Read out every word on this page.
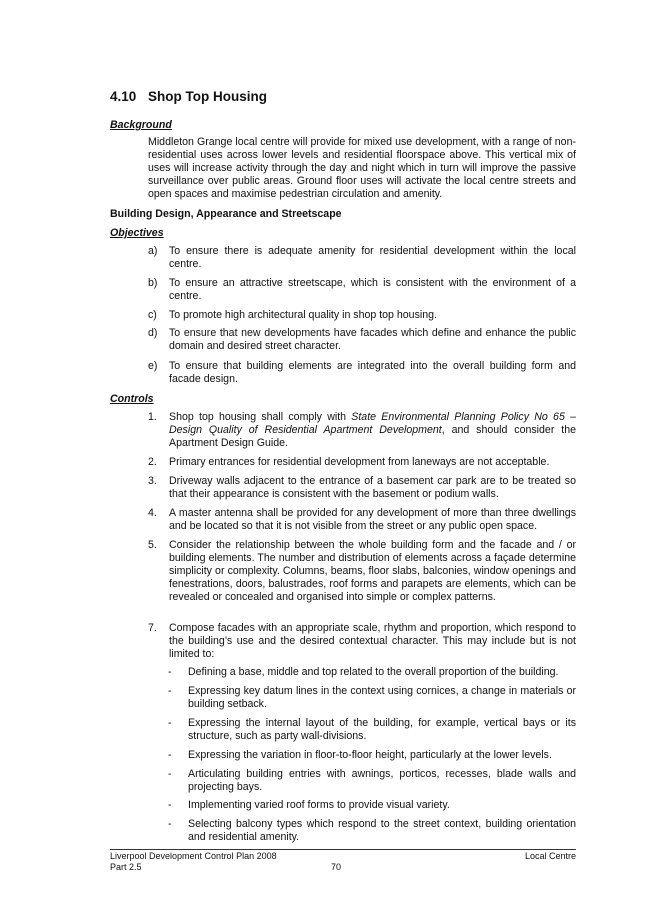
4.10 Shop Top Housing
Background
Middleton Grange local centre will provide for mixed use development, with a range of non-residential uses across lower levels and residential floorspace above. This vertical mix of uses will increase activity through the day and night which in turn will improve the passive surveillance over public areas. Ground floor uses will activate the local centre streets and open spaces and maximise pedestrian circulation and amenity.
Building Design, Appearance and Streetscape
Objectives
a)	To ensure there is adequate amenity for residential development within the local centre.
b)	To ensure an attractive streetscape, which is consistent with the environment of a centre.
c)	To promote high architectural quality in shop top housing.
d)	To ensure that new developments have facades which define and enhance the public domain and desired street character.
e)	To ensure that building elements are integrated into the overall building form and facade design.
Controls
1.	Shop top housing shall comply with State Environmental Planning Policy No 65 – Design Quality of Residential Apartment Development, and should consider the Apartment Design Guide.
2.	Primary entrances for residential development from laneways are not acceptable.
3.	Driveway walls adjacent to the entrance of a basement car park are to be treated so that their appearance is consistent with the basement or podium walls.
4.	A master antenna shall be provided for any development of more than three dwellings and be located so that it is not visible from the street or any public open space.
5.	Consider the relationship between the whole building form and the facade and / or building elements. The number and distribution of elements across a façade determine simplicity or complexity. Columns, beams, floor slabs, balconies, window openings and fenestrations, doors, balustrades, roof forms and parapets are elements, which can be revealed or concealed and organised into simple or complex patterns.
7.	Compose facades with an appropriate scale, rhythm and proportion, which respond to the building’s use and the desired contextual character. This may include but is not limited to:
-	Defining a base, middle and top related to the overall proportion of the building.
-	Expressing key datum lines in the context using cornices, a change in materials or building setback.
-	Expressing the internal layout of the building, for example, vertical bays or its structure, such as party wall-divisions.
-	Expressing the variation in floor-to-floor height, particularly at the lower levels.
-	Articulating building entries with awnings, porticos, recesses, blade walls and projecting bays.
-	Implementing varied roof forms to provide visual variety.
-	Selecting balcony types which respond to the street context, building orientation and residential amenity.
Liverpool Development Control Plan 2008
Part 2.5	70
Local Centre
